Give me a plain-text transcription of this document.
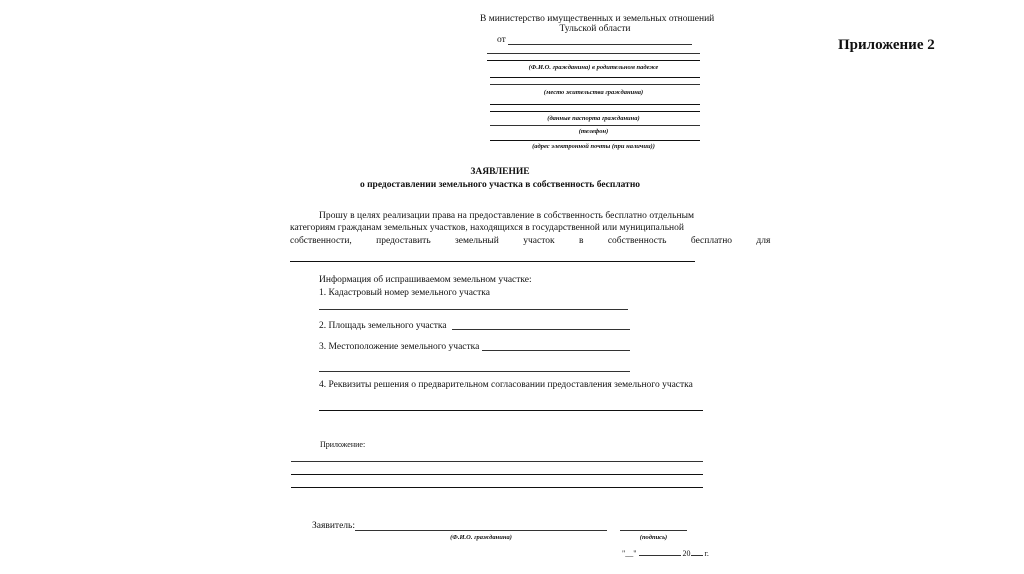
Приложение 2
В министерство имущественных и земельных отношений
Тульской области
от
(Ф.И.О. гражданина) в родительном падеже
(место жительства гражданина)
(данные паспорта гражданина)
(телефон)
(адрес электронной почты (при наличии))
ЗАЯВЛЕНИЕ
о предоставлении земельного участка в собственность бесплатно
Прошу в целях реализации права на предоставление в собственность бесплатно отдельным
категориям гражданам земельных участков, находящихся в государственной или муниципальной
собственности, предоставить земельный участок в собственность бесплатно для
Информация об испрашиваемом земельном участке:
1. Кадастровый номер земельного участка
2. Площадь земельного участка
3. Местоположение земельного участка
4. Реквизиты решения о предварительном согласовании предоставления земельного участка
Приложение:
Заявитель:
(Ф.И.О. гражданина)	(подпись)
"__"	20 г.
